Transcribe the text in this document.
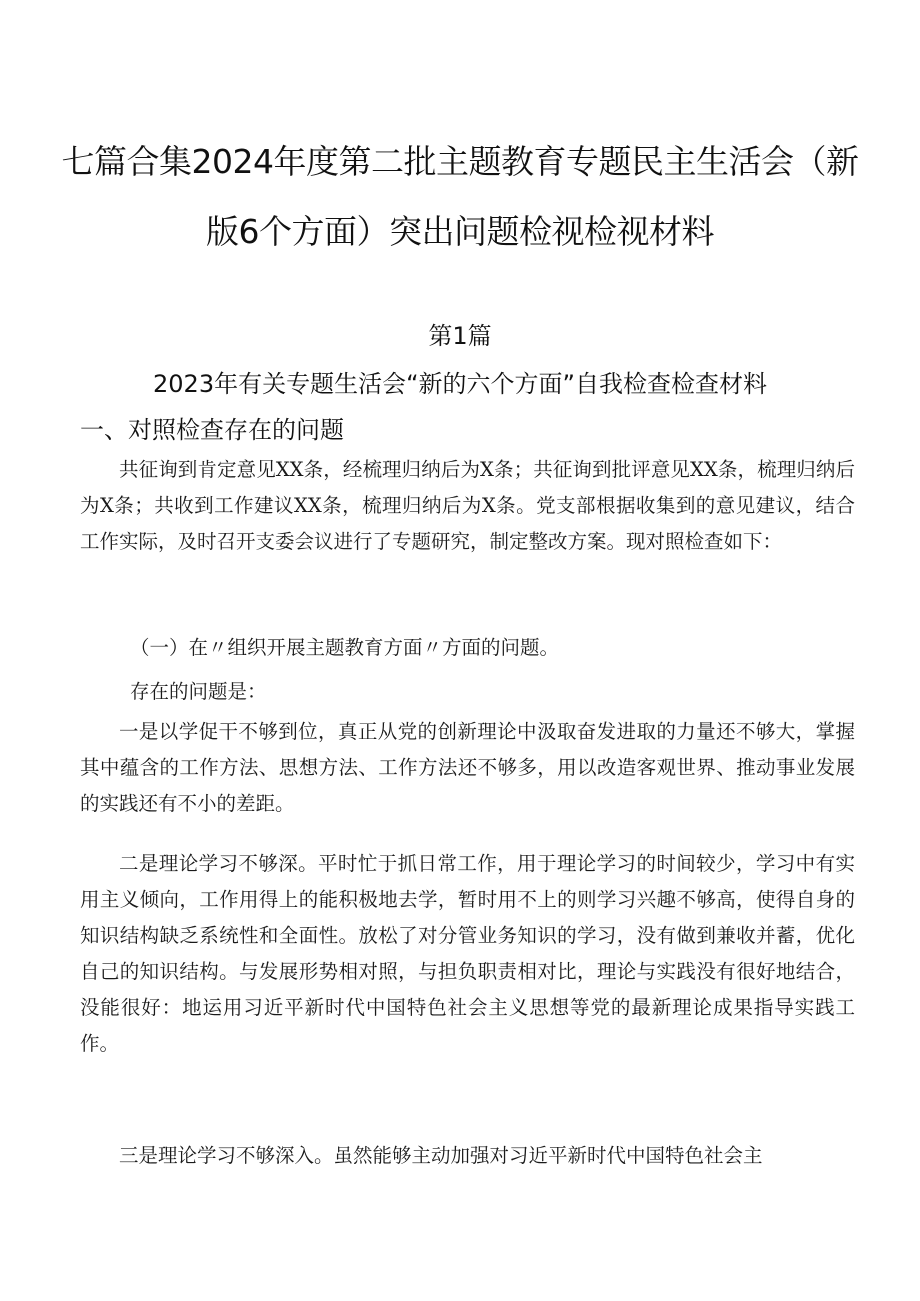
七篇合集2024年度第二批主题教育专题民主生活会（新
版6个方面）突出问题检视检视材料
第1篇
2023年有关专题生活会“新的六个方面”自我检查检查材料
一、对照检查存在的问题

共征询到肯定意见XX条，经梳理归纳后为X条；共征询到批评意见XX条，梳理归纳后为X条；共收到工作建议XX条，梳理归纳后为X条。党支部根据收集到的意见建议，结合工作实际，及时召开支委会议进行了专题研究，制定整改方案。现对照检查如下：

（一）在〃组织开展主题教育方面〃方面的问题。

存在的问题是：

一是以学促干不够到位，真正从党的创新理论中汲取奋发进取的力量还不够大，掌握其中蕴含的工作方法、思想方法、工作方法还不够多，用以改造客观世界、推动事业发展的实践还有不小的差距。

二是理论学习不够深。平时忙于抓日常工作，用于理论学习的时间较少，学习中有实用主义倾向，工作用得上的能积极地去学，暂时用不上的则学习兴趣不够高，使得自身的知识结构缺乏系统性和全面性。放松了对分管业务知识的学习，没有做到兼收并蓄，优化自己的知识结构。与发展形势相对照，与担负职责相对比，理论与实践没有很好地结合，没能很好：地运用习近平新时代中国特色社会主义思想等党的最新理论成果指导实践工作。

三是理论学习不够深入。虽然能够主动加强对习近平新时代中国特色社会主
